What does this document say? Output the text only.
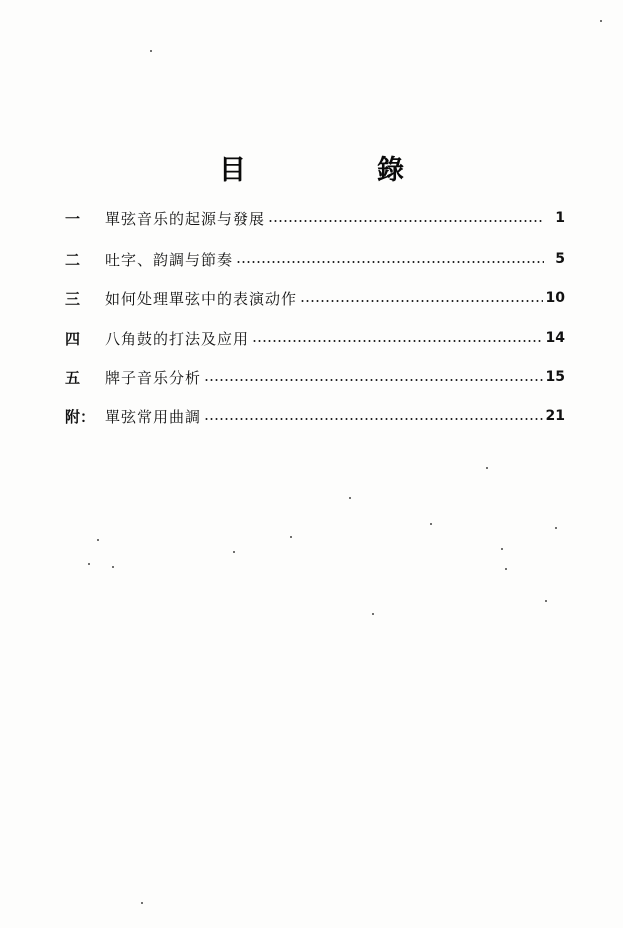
目　錄
一	單弦音乐的起源与發展	1
二	吐字、韵調与節奏	5
三	如何处理單弦中的表演动作	10
四	八角鼓的打法及应用	14
五	牌子音乐分析	15
附： 單弦常用曲調	21
